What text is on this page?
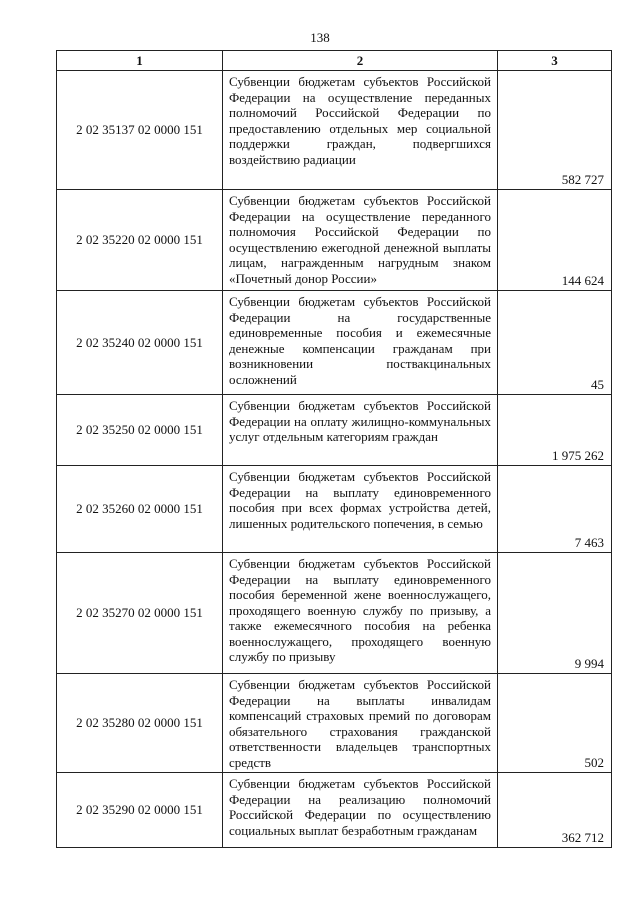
138
1	2	3
2 02 35137 02 0000 151	Субвенции бюджетам субъектов Российской Федерации на осуществление переданных полномочий Российской Федерации по предоставлению отдельных мер социальной поддержки граждан, подвергшихся воздействию радиации	582 727
2 02 35220 02 0000 151	Субвенции бюджетам субъектов Российской Федерации на осуществление переданного полномочия Российской Федерации по осуществлению ежегодной денежной выплаты лицам, награжденным нагрудным знаком «Почетный донор России»	144 624
2 02 35240 02 0000 151	Субвенции бюджетам субъектов Российской Федерации на государственные единовременные пособия и ежемесячные денежные компенсации гражданам при возникновении поствакцинальных осложнений	45
2 02 35250 02 0000 151	Субвенции бюджетам субъектов Российской Федерации на оплату жилищно-коммунальных услуг отдельным категориям граждан	1 975 262
2 02 35260 02 0000 151	Субвенции бюджетам субъектов Российской Федерации на выплату единовременного пособия при всех формах устройства детей, лишенных родительского попечения, в семью	7 463
2 02 35270 02 0000 151	Субвенции бюджетам субъектов Российской Федерации на выплату единовременного пособия беременной жене военнослужащего, проходящего военную службу по призыву, а также ежемесячного пособия на ребенка военнослужащего, проходящего военную службу по призыву	9 994
2 02 35280 02 0000 151	Субвенции бюджетам субъектов Российской Федерации на выплаты инвалидам компенсаций страховых премий по договорам обязательного страхования гражданской ответственности владельцев транспортных средств	502
2 02 35290 02 0000 151	Субвенции бюджетам субъектов Российской Федерации на реализацию полномочий Российской Федерации по осуществлению социальных выплат безработным гражданам	362 712
